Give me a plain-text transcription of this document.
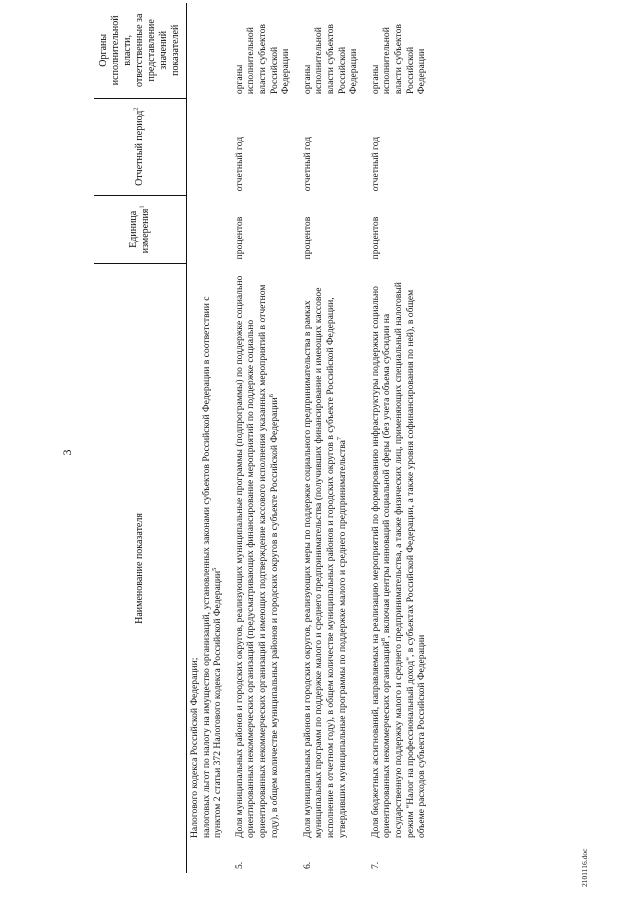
3
Наименование показателя		Единица измерения$^1$	Отчетный период$^2$	Органы исполнительной власти, ответственные за представление значений показателей

	Налогового кодекса Российской Федерации; налоговых льгот по налогу на имущество организаций, установленных законами субъектов Российской Федерации в соответствии с пунктом 2 статьи 372 Налогового кодекса Российской Федерации$^5$

5.	Доля муниципальных районов и городских округов, реализующих муниципальные программы (подпрограммы) по поддержке социально ориентированных некоммерческих организаций (предусматривающих финансирование мероприятий по поддержке социально ориентированных некоммерческих организаций и имеющих подтверждение кассового исполнения указанных мероприятий в отчетном году), в общем количестве муниципальных районов и городских округов в субъекте Российской Федерации$^6$	процентов	отчетный год	органы исполнительной власти субъектов Российской Федерации
6.	Доля муниципальных районов и городских округов, реализующих меры по поддержке социального предпринимательства в рамках муниципальных программ по поддержке малого и среднего предпринимательства (получивших финансирование и имеющих кассовое исполнение в отчетном году), в общем количестве муниципальных районов и городских округов в субъекте Российской Федерации, утвердивших муниципальные программы по поддержке малого и среднего предпринимательства$^7$	процентов	отчетный год	органы исполнительной власти субъектов Российской Федерации
7.	Доля бюджетных ассигнований, направляемых на реализацию мероприятий по формированию инфраструктуры поддержки социально ориентированных некоммерческих организаций$^8$, включая центры инноваций социальной сферы (без учета объема субсидии на государственную поддержку малого и среднего предпринимательства, а также физических лиц, применяющих специальный налоговый режим "Налог на профессиональный доход", в субъектах Российской Федерации, а также уровня софинансирования по ней), в общем объеме расходов субъекта Российской Федерации	процентов	отчетный год	органы исполнительной власти субъектов Российской Федерации
2101116.doc
